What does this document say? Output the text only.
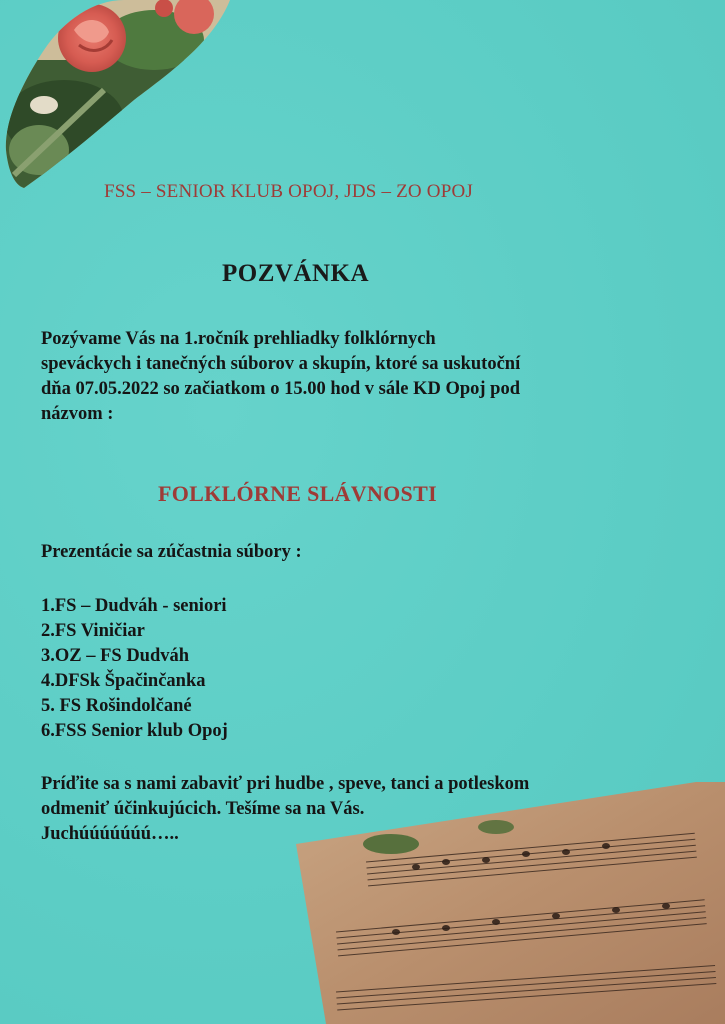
FSS – SENIOR KLUB OPOJ, JDS – ZO OPOJ
POZVÁNKA
Pozývame Vás na 1.ročník prehliadky folklórnych
speváckych i tanečných súborov a skupín, ktoré sa uskutoční
dňa 07.05.2022 so začiatkom o 15.00 hod v sále KD Opoj pod
názvom :
FOLKLÓRNE SLÁVNOSTI
Prezentácie sa zúčastnia súbory :
1.FS – Dudváh - seniori
2.FS Viničiar
3.OZ – FS Dudváh
4.DFSk Špačinčanka
5. FS Rošindolčané
6.FSS Senior klub Opoj
Príďite sa s nami zabaviť pri hudbe , speve, tanci a potleskom
odmeniť účinkujúcich. Tešíme sa na Vás.
Juchúúúúúúú…..
